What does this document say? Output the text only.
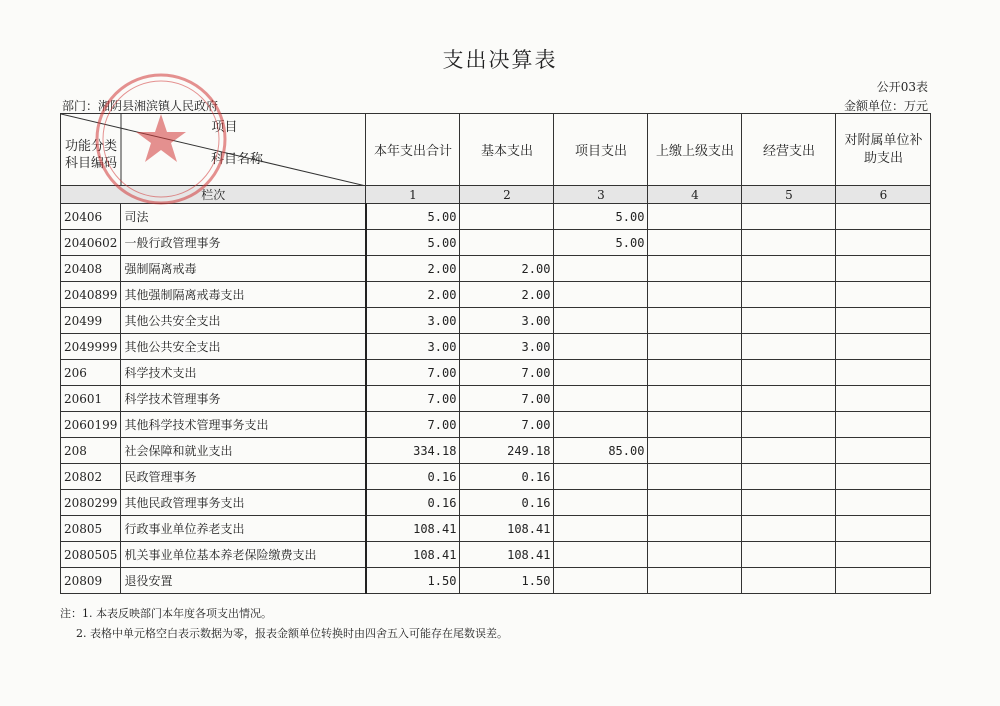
支出决算表
公开03表
部门：湘阴县湘滨镇人民政府	金额单位：万元
项目
功能分类
科目编码 科目名称		本年支出合计	基本支出	项目支出	上缴上级支出	经营支出	对附属单位补助支出
栏次		1	2	3	4	5	6
20406	司法	5.00		5.00			
2040602	一般行政管理事务	5.00		5.00			
20408	强制隔离戒毒	2.00	2.00				
2040899	其他强制隔离戒毒支出	2.00	2.00				
20499	其他公共安全支出	3.00	3.00				
2049999	其他公共安全支出	3.00	3.00				
206	科学技术支出	7.00	7.00				
20601	科学技术管理事务	7.00	7.00				
2060199	其他科学技术管理事务支出	7.00	7.00				
208	社会保障和就业支出	334.18	249.18	85.00			
20802	民政管理事务	0.16	0.16				
2080299	其他民政管理事务支出	0.16	0.16				
20805	行政事业单位养老支出	108.41	108.41				
2080505	机关事业单位基本养老保险缴费支出	108.41	108.41				
20809	退役安置	1.50	1.50				
注：1. 本表反映部门本年度各项支出情况。
2. 表格中单元格空白表示数据为零，报表金额单位转换时由四舍五入可能存在尾数误差。
